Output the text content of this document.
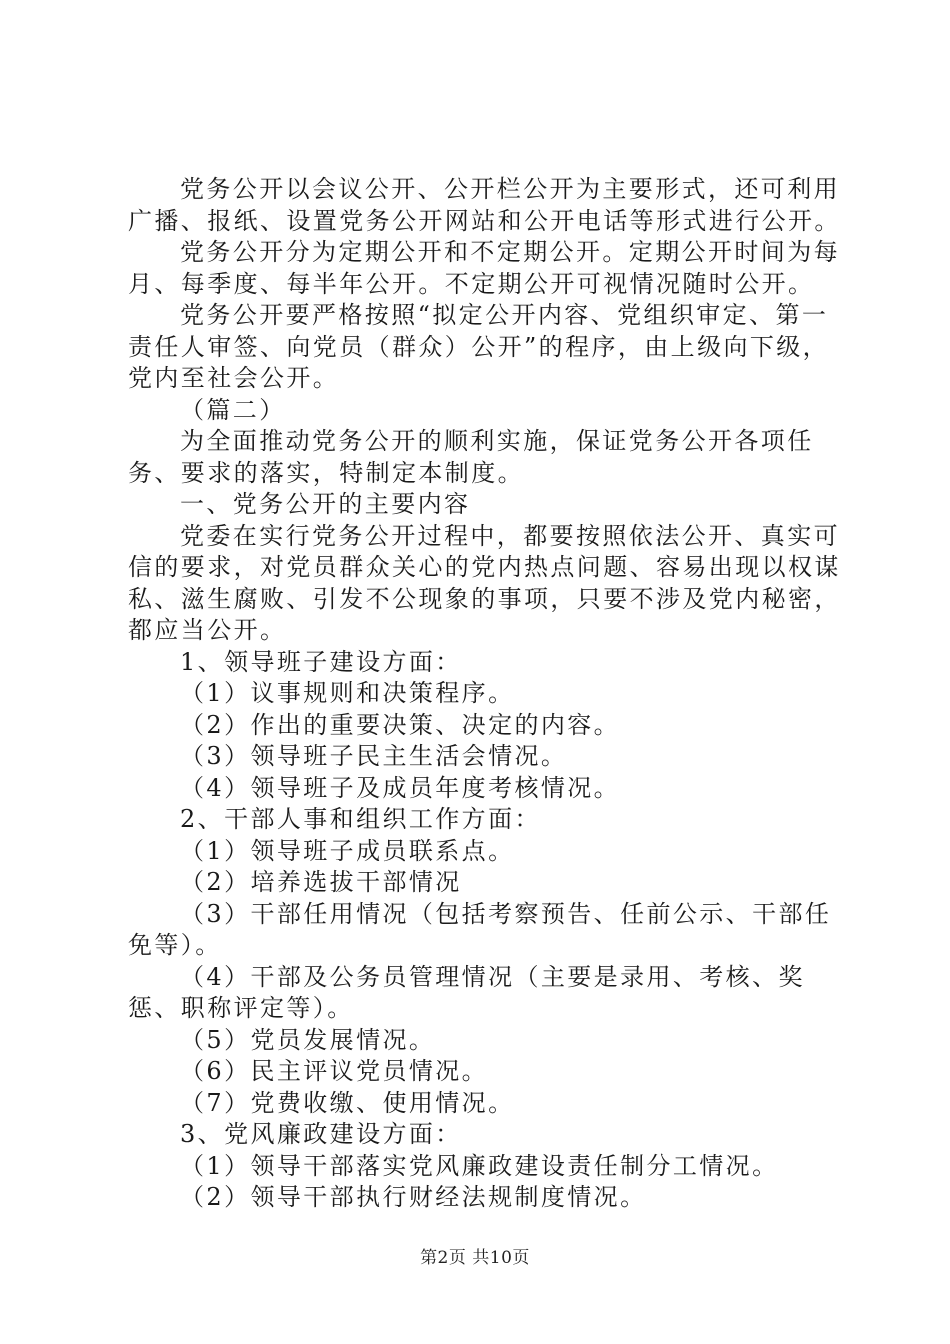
党务公开以会议公开、公开栏公开为主要形式，还可利用广播、报纸、设置党务公开网站和公开电话等形式进行公开。

党务公开分为定期公开和不定期公开。定期公开时间为每月、每季度、每半年公开。不定期公开可视情况随时公开。

党务公开要严格按照“拟定公开内容、党组织审定、第一责任人审签、向党员（群众）公开”的程序，由上级向下级，党内至社会公开。

（篇二）

为全面推动党务公开的顺利实施，保证党务公开各项任务、要求的落实，特制定本制度。

一、党务公开的主要内容

党委在实行党务公开过程中，都要按照依法公开、真实可信的要求，对党员群众关心的党内热点问题、容易出现以权谋私、滋生腐败、引发不公现象的事项，只要不涉及党内秘密，都应当公开。

1、领导班子建设方面：

（1）议事规则和决策程序。

（2）作出的重要决策、决定的内容。

（3）领导班子民主生活会情况。

（4）领导班子及成员年度考核情况。

2、干部人事和组织工作方面：

（1）领导班子成员联系点。

（2）培养选拔干部情况

（3）干部任用情况（包括考察预告、任前公示、干部任免等）。

（4）干部及公务员管理情况（主要是录用、考核、奖惩、职称评定等）。

（5）党员发展情况。

（6）民主评议党员情况。

（7）党费收缴、使用情况。

3、党风廉政建设方面：

（1）领导干部落实党风廉政建设责任制分工情况。

（2）领导干部执行财经法规制度情况。

第2页 共10页
